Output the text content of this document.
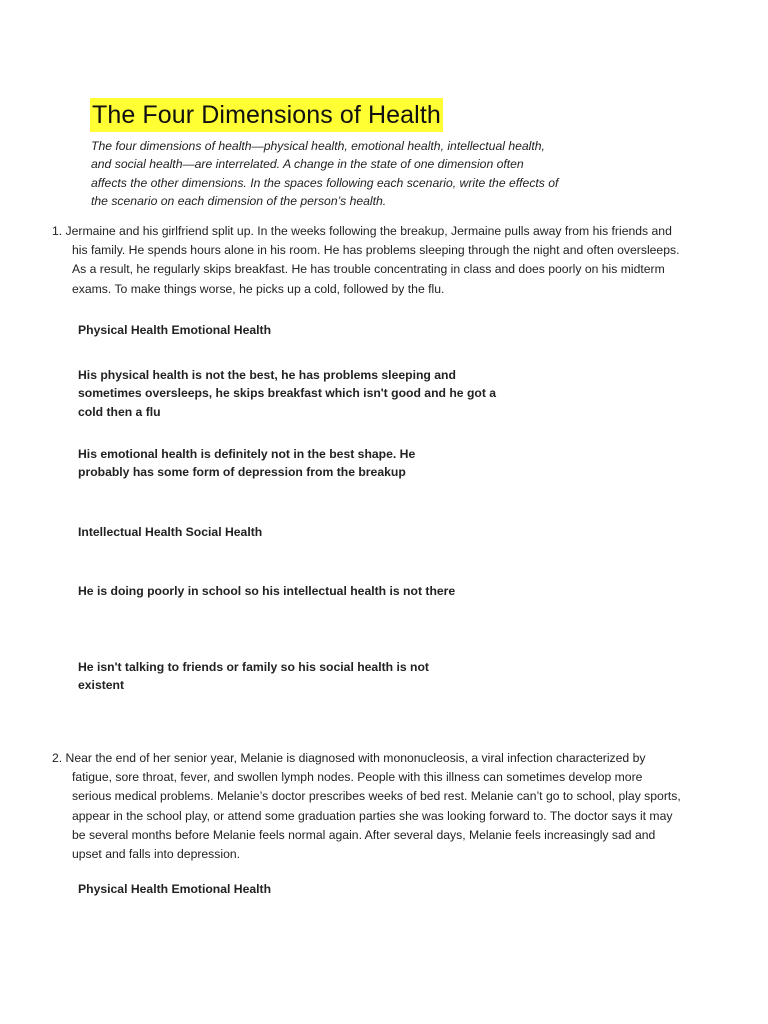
The Four Dimensions of Health

The four dimensions of health—physical health, emotional health, intellectual health, and social health—are interrelated. A change in the state of one dimension often affects the other dimensions. In the spaces following each scenario, write the effects of the scenario on each dimension of the person’s health.

1. Jermaine and his girlfriend split up. In the weeks following the breakup, Jermaine pulls away from his friends and his family. He spends hours alone in his room. He has problems sleeping through the night and often oversleeps. As a result, he regularly skips breakfast. He has trouble concentrating in class and does poorly on his midterm exams. To make things worse, he picks up a cold, followed by the flu.

Physical Health Emotional Health

His physical health is not the best, he has problems sleeping and sometimes oversleeps, he skips breakfast which isn't good and he got a cold then a flu

His emotional health is definitely not in the best shape. He probably has some form of depression from the breakup

Intellectual Health Social Health

He is doing poorly in school so his intellectual health is not there

He isn't talking to friends or family so his social health is not existent

2. Near the end of her senior year, Melanie is diagnosed with mononucleosis, a viral infection characterized by fatigue, sore throat, fever, and swollen lymph nodes. People with this illness can sometimes develop more serious medical problems. Melanie’s doctor prescribes weeks of bed rest. Melanie can’t go to school, play sports, appear in the school play, or attend some graduation parties she was looking forward to. The doctor says it may be several months before Melanie feels normal again. After several days, Melanie feels increasingly sad and upset and falls into depression.

Physical Health Emotional Health
